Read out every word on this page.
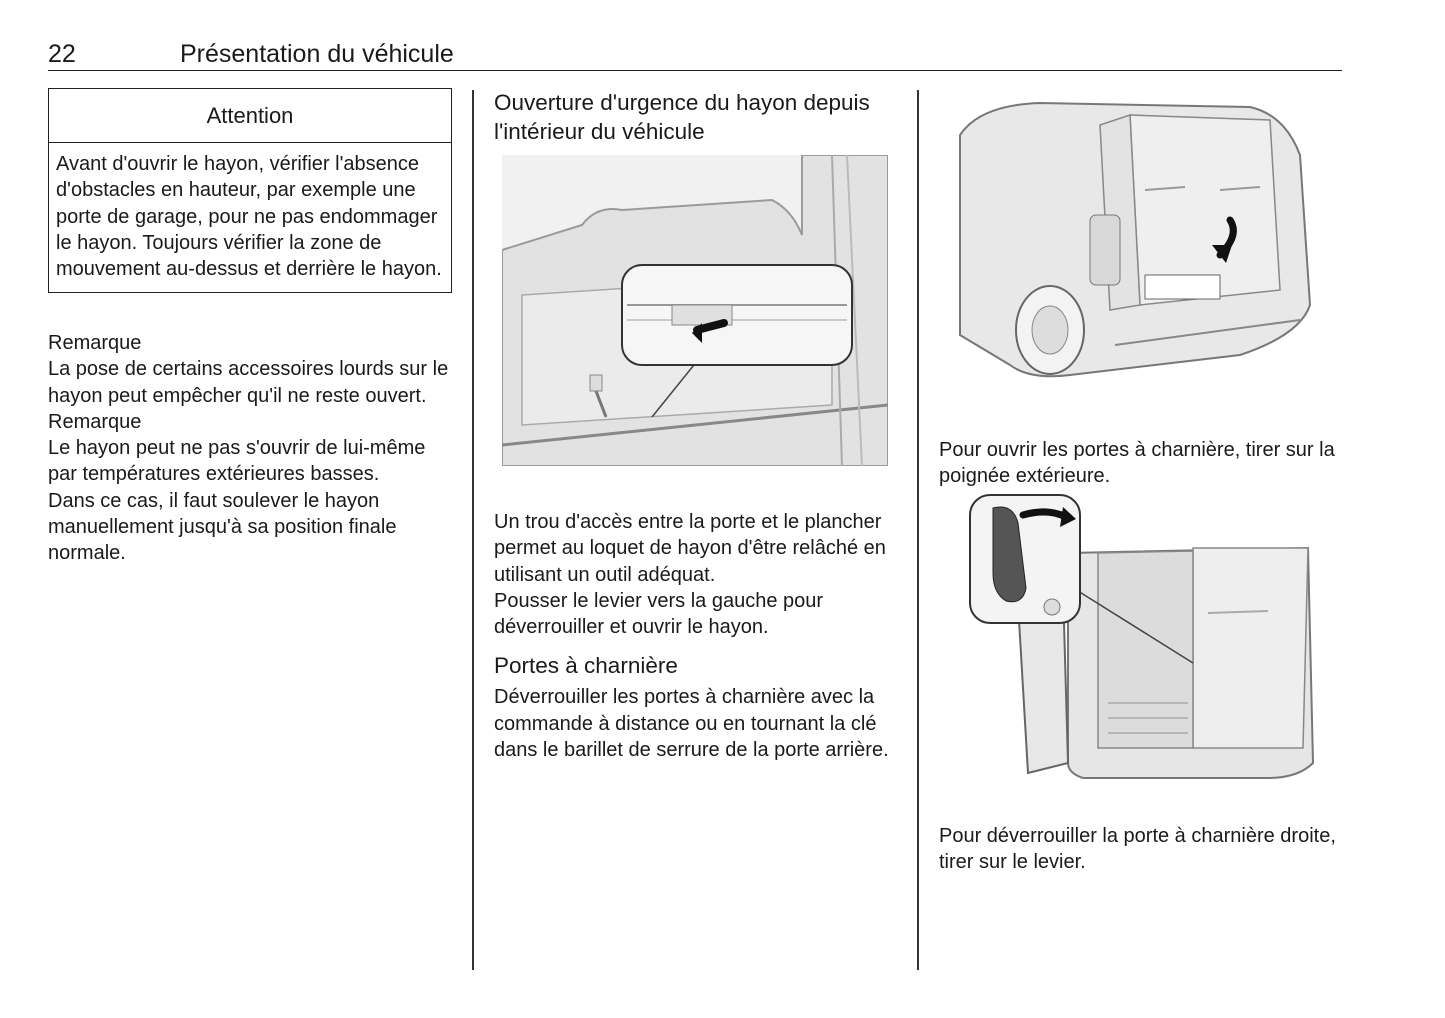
22	Présentation du véhicule
Attention
Avant d'ouvrir le hayon, vérifier l'absence d'obstacles en hauteur, par exemple une porte de garage, pour ne pas endommager le hayon. Toujours vérifier la zone de mouvement au-dessus et derrière le hayon.

Remarque

La pose de certains accessoires lourds sur le hayon peut empêcher qu'il ne reste ouvert.

Remarque

Le hayon peut ne pas s'ouvrir de lui-même par températures extérieures basses.

Dans ce cas, il faut soulever le hayon manuellement jusqu'à sa position finale normale.

Ouverture d'urgence du hayon depuis l'intérieur du véhicule

Un trou d'accès entre la porte et le plancher permet au loquet de hayon d'être relâché en utilisant un outil adéquat.

Pousser le levier vers la gauche pour déverrouiller et ouvrir le hayon.

Portes à charnière

Déverrouiller les portes à charnière avec la commande à distance ou en tournant la clé dans le barillet de serrure de la porte arrière.

Pour ouvrir les portes à charnière, tirer sur la poignée extérieure.

Pour déverrouiller la porte à charnière droite, tirer sur le levier.
